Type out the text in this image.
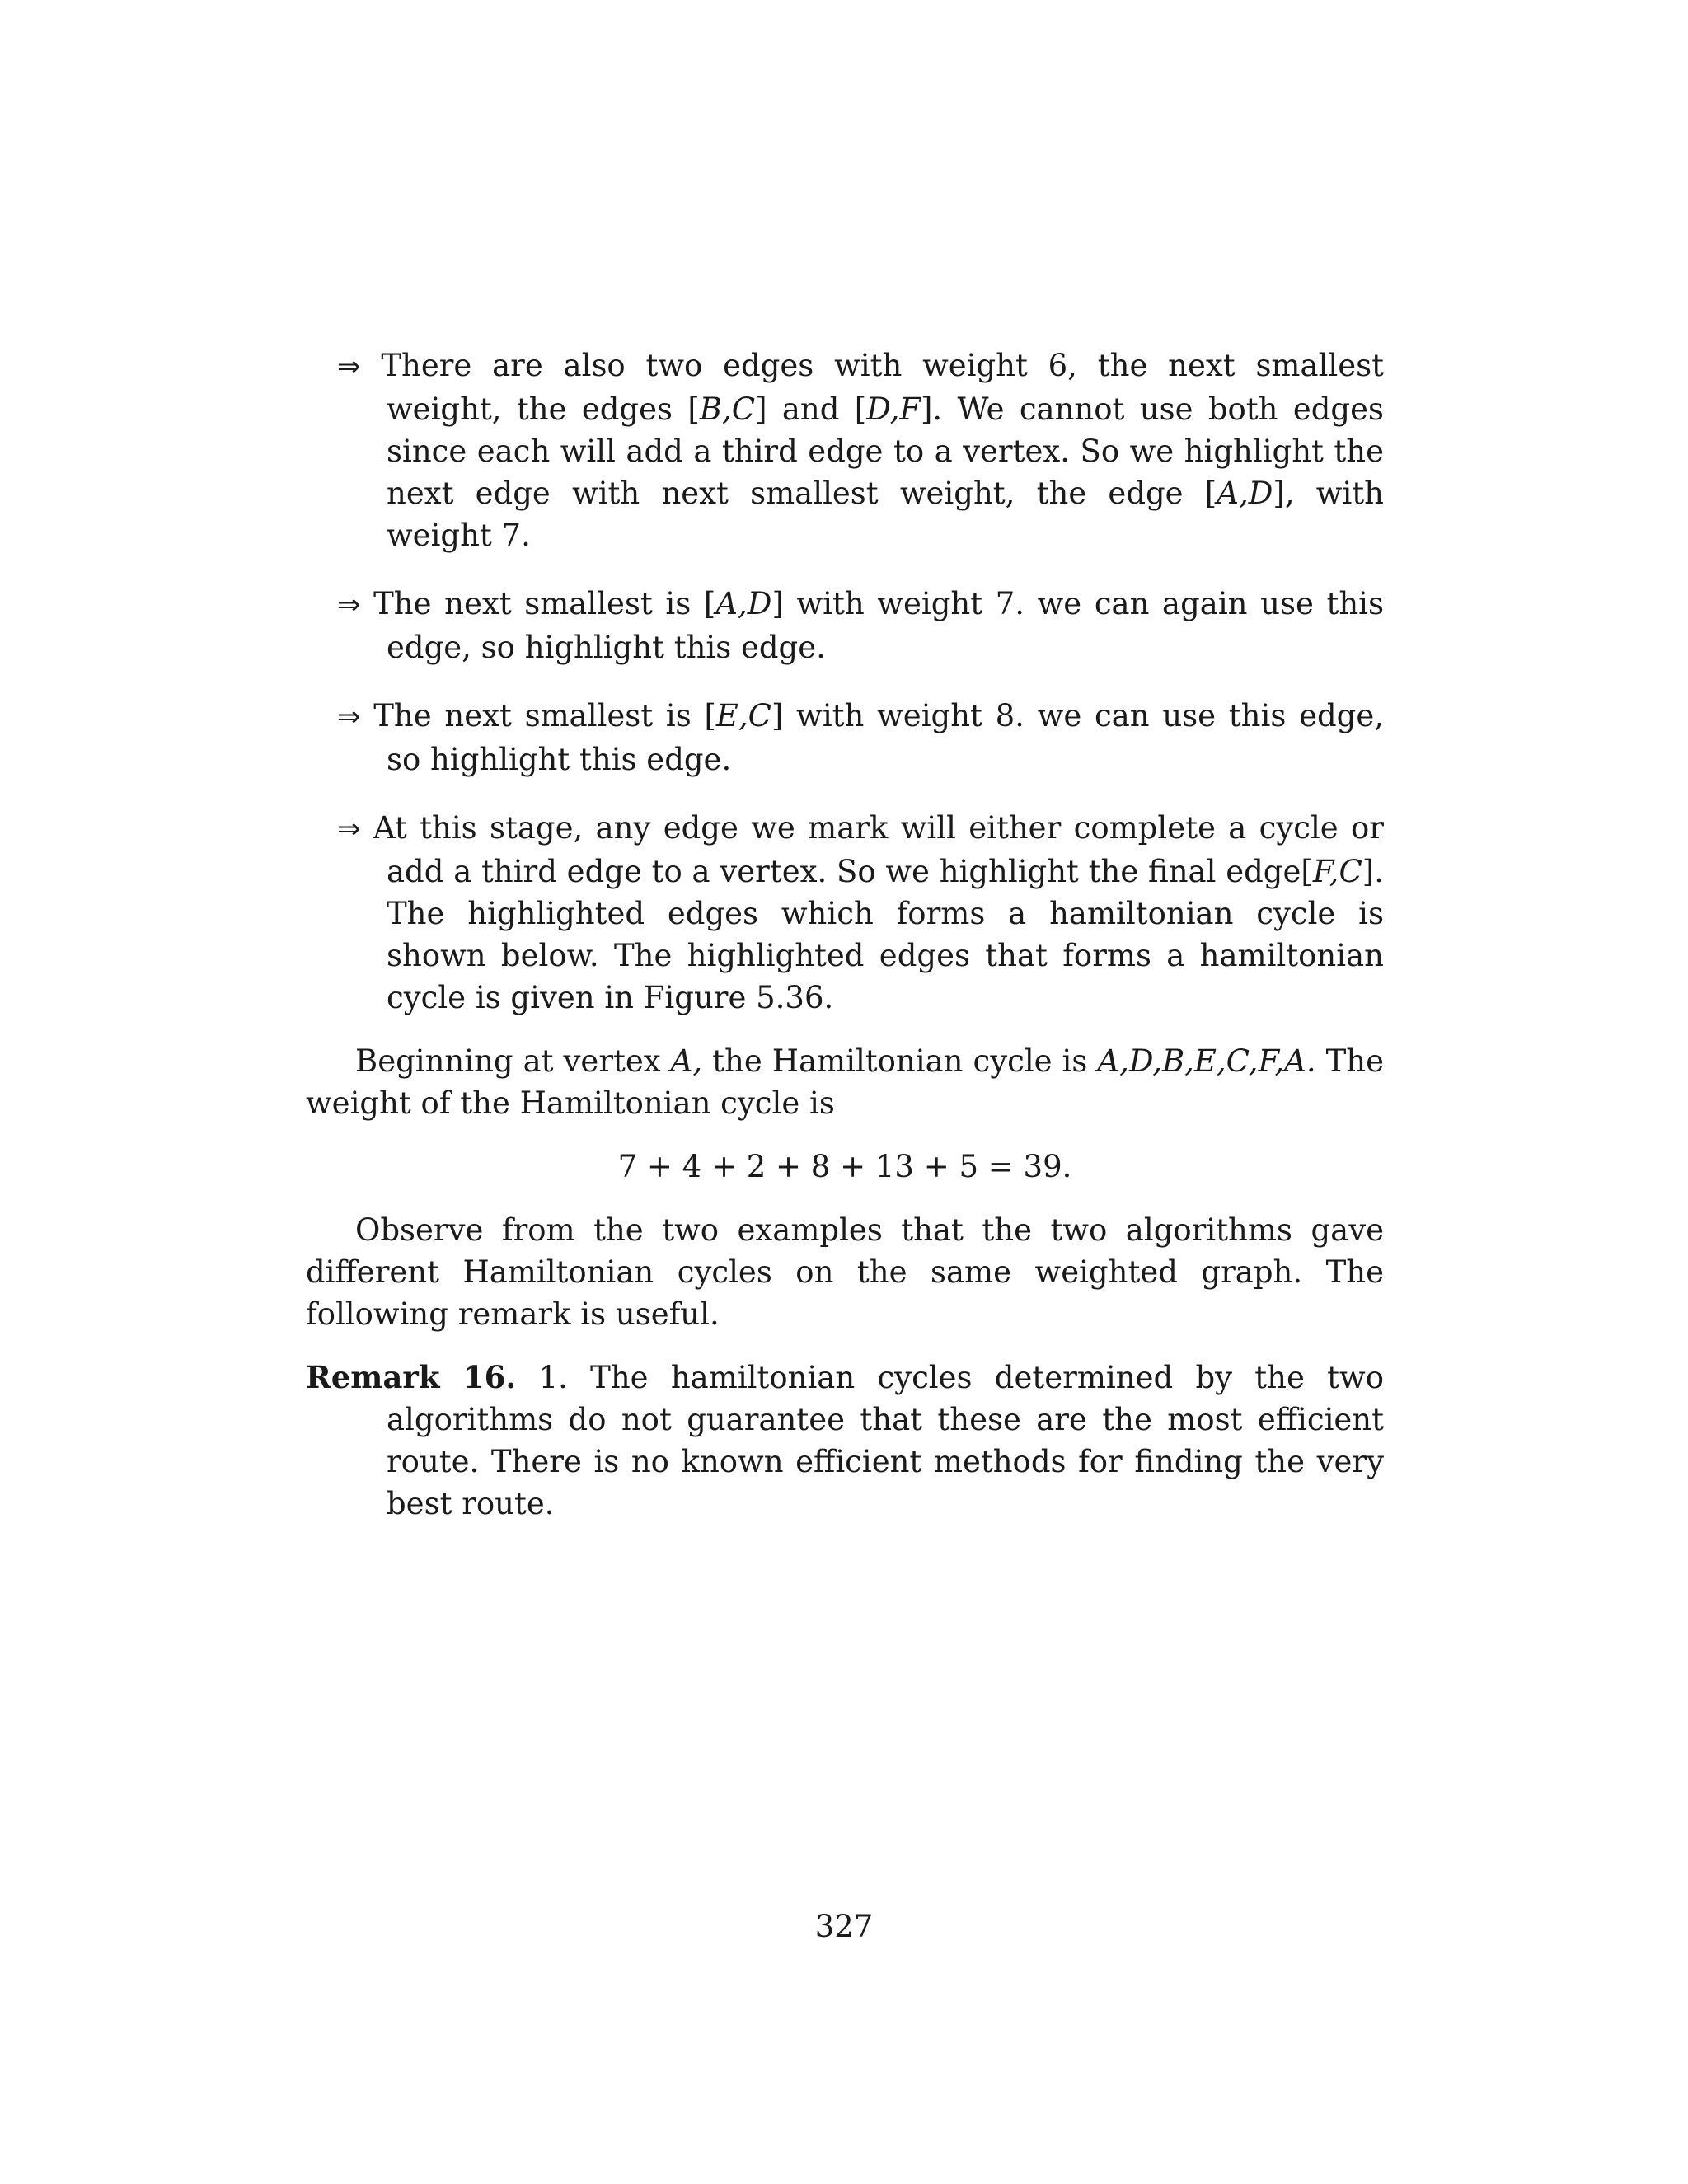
⇒ There are also two edges with weight 6, the next smallest weight, the edges [B,C] and [D,F]. We cannot use both edges since each will add a third edge to a vertex. So we highlight the next edge with next smallest weight, the edge [A,D], with weight 7.

⇒ The next smallest is [A,D] with weight 7. we can again use this edge, so highlight this edge.

⇒ The next smallest is [E,C] with weight 8. we can use this edge, so highlight this edge.

⇒ At this stage, any edge we mark will either complete a cycle or add a third edge to a vertex. So we highlight the final edge[F,C]. The highlighted edges which forms a hamiltonian cycle is shown below. The highlighted edges that forms a hamiltonian cycle is given in Figure 5.36.

Beginning at vertex A, the Hamiltonian cycle is A,D,B,E,C,F,A. The weight of the Hamiltonian cycle is

7 + 4 + 2 + 8 + 13 + 5 = 39.

Observe from the two examples that the two algorithms gave different Hamiltonian cycles on the same weighted graph. The following remark is useful.

Remark 16. 1. The hamiltonian cycles determined by the two algorithms do not guarantee that these are the most efficient route. There is no known efficient methods for finding the very best route.

327
